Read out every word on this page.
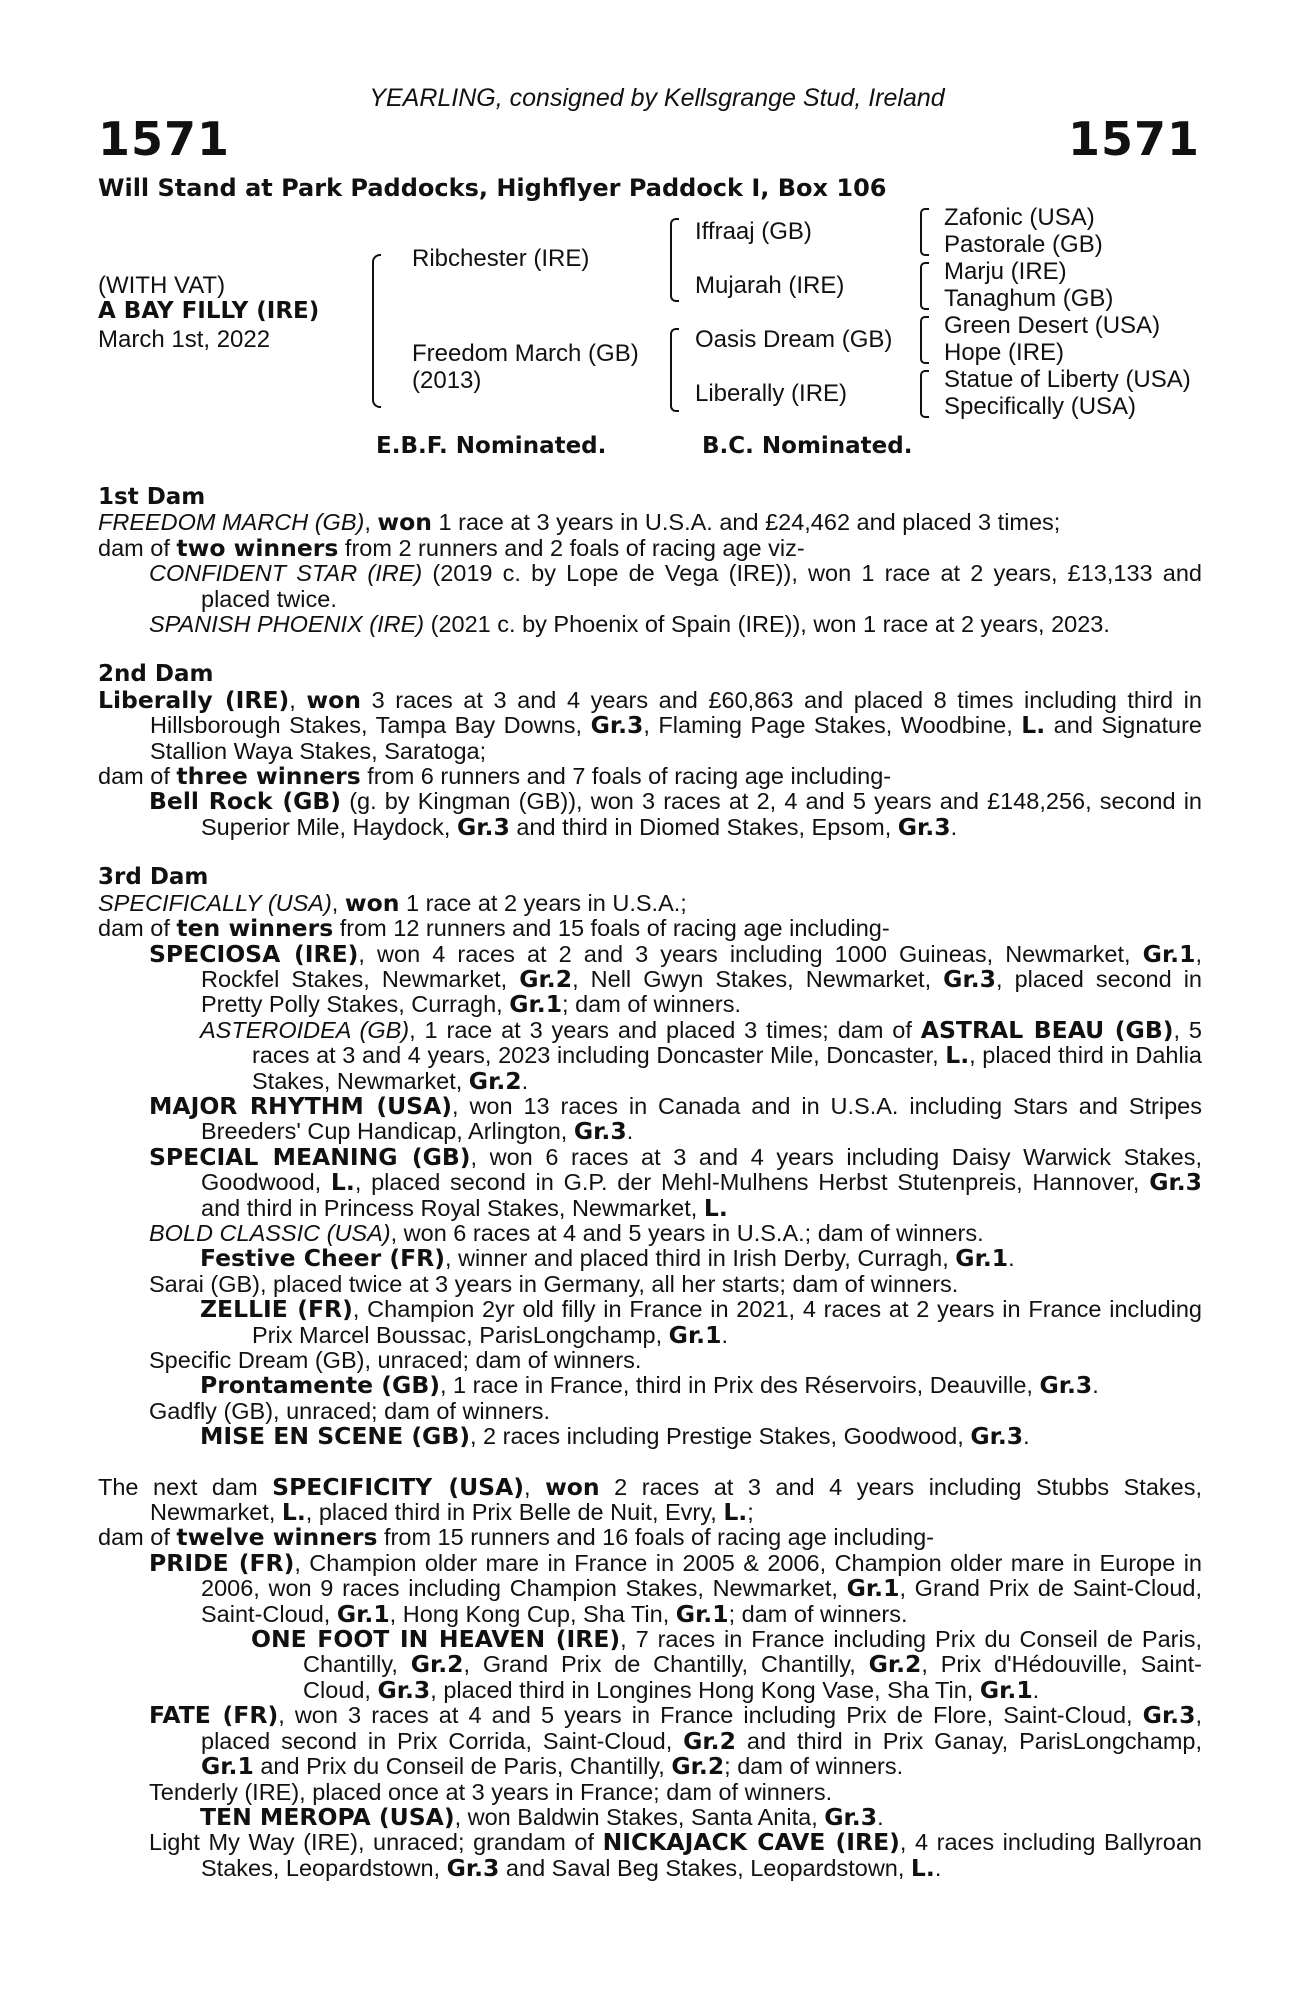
YEARLING, consigned by Kellsgrange Stud, Ireland
1571	1571
Will Stand at Park Paddocks, Highflyer Paddock I, Box 106
(WITH VAT)
A BAY FILLY (IRE)
March 1st, 2022
Ribchester (IRE)
Freedom March (GB)
(2013)
Iffraaj (GB)
Mujarah (IRE)
Oasis Dream (GB)
Liberally (IRE)
Zafonic (USA)
Pastorale (GB)
Marju (IRE)
Tanaghum (GB)
Green Desert (USA)
Hope (IRE)
Statue of Liberty (USA)
Specifically (USA)
E.B.F. Nominated.	B.C. Nominated.

1st Dam

FREEDOM MARCH (GB), won 1 race at 3 years in U.S.A. and £24,462 and placed 3 times;

dam of two winners from 2 runners and 2 foals of racing age viz-

CONFIDENT STAR (IRE) (2019 c. by Lope de Vega (IRE)), won 1 race at 2 years, £13,133 and placed twice.

SPANISH PHOENIX (IRE) (2021 c. by Phoenix of Spain (IRE)), won 1 race at 2 years, 2023.

2nd Dam

Liberally (IRE), won 3 races at 3 and 4 years and £60,863 and placed 8 times including third in Hillsborough Stakes, Tampa Bay Downs, Gr.3, Flaming Page Stakes, Woodbine, L. and Signature Stallion Waya Stakes, Saratoga;

dam of three winners from 6 runners and 7 foals of racing age including-

Bell Rock (GB) (g. by Kingman (GB)), won 3 races at 2, 4 and 5 years and £148,256, second in Superior Mile, Haydock, Gr.3 and third in Diomed Stakes, Epsom, Gr.3.

3rd Dam

SPECIFICALLY (USA), won 1 race at 2 years in U.S.A.;

dam of ten winners from 12 runners and 15 foals of racing age including-

SPECIOSA (IRE), won 4 races at 2 and 3 years including 1000 Guineas, Newmarket, Gr.1, Rockfel Stakes, Newmarket, Gr.2, Nell Gwyn Stakes, Newmarket, Gr.3, placed second in Pretty Polly Stakes, Curragh, Gr.1; dam of winners.

ASTEROIDEA (GB), 1 race at 3 years and placed 3 times; dam of ASTRAL BEAU (GB), 5 races at 3 and 4 years, 2023 including Doncaster Mile, Doncaster, L., placed third in Dahlia Stakes, Newmarket, Gr.2.

MAJOR RHYTHM (USA), won 13 races in Canada and in U.S.A. including Stars and Stripes Breeders' Cup Handicap, Arlington, Gr.3.

SPECIAL MEANING (GB), won 6 races at 3 and 4 years including Daisy Warwick Stakes, Goodwood, L., placed second in G.P. der Mehl-Mulhens Herbst Stutenpreis, Hannover, Gr.3 and third in Princess Royal Stakes, Newmarket, L.

BOLD CLASSIC (USA), won 6 races at 4 and 5 years in U.S.A.; dam of winners.

Festive Cheer (FR), winner and placed third in Irish Derby, Curragh, Gr.1.

Sarai (GB), placed twice at 3 years in Germany, all her starts; dam of winners.

ZELLIE (FR), Champion 2yr old filly in France in 2021, 4 races at 2 years in France including Prix Marcel Boussac, ParisLongchamp, Gr.1.

Specific Dream (GB), unraced; dam of winners.

Prontamente (GB), 1 race in France, third in Prix des Réservoirs, Deauville, Gr.3.

Gadfly (GB), unraced; dam of winners.

MISE EN SCENE (GB), 2 races including Prestige Stakes, Goodwood, Gr.3.

The next dam SPECIFICITY (USA), won 2 races at 3 and 4 years including Stubbs Stakes, Newmarket, L., placed third in Prix Belle de Nuit, Evry, L.;

dam of twelve winners from 15 runners and 16 foals of racing age including-

PRIDE (FR), Champion older mare in France in 2005 & 2006, Champion older mare in Europe in 2006, won 9 races including Champion Stakes, Newmarket, Gr.1, Grand Prix de Saint-Cloud, Saint-Cloud, Gr.1, Hong Kong Cup, Sha Tin, Gr.1; dam of winners.

ONE FOOT IN HEAVEN (IRE), 7 races in France including Prix du Conseil de Paris, Chantilly, Gr.2, Grand Prix de Chantilly, Chantilly, Gr.2, Prix d'Hédouville, Saint-Cloud, Gr.3, placed third in Longines Hong Kong Vase, Sha Tin, Gr.1.

FATE (FR), won 3 races at 4 and 5 years in France including Prix de Flore, Saint-Cloud, Gr.3, placed second in Prix Corrida, Saint-Cloud, Gr.2 and third in Prix Ganay, ParisLongchamp, Gr.1 and Prix du Conseil de Paris, Chantilly, Gr.2; dam of winners.

Tenderly (IRE), placed once at 3 years in France; dam of winners.

TEN MEROPA (USA), won Baldwin Stakes, Santa Anita, Gr.3.

Light My Way (IRE), unraced; grandam of NICKAJACK CAVE (IRE), 4 races including Ballyroan Stakes, Leopardstown, Gr.3 and Saval Beg Stakes, Leopardstown, L..
